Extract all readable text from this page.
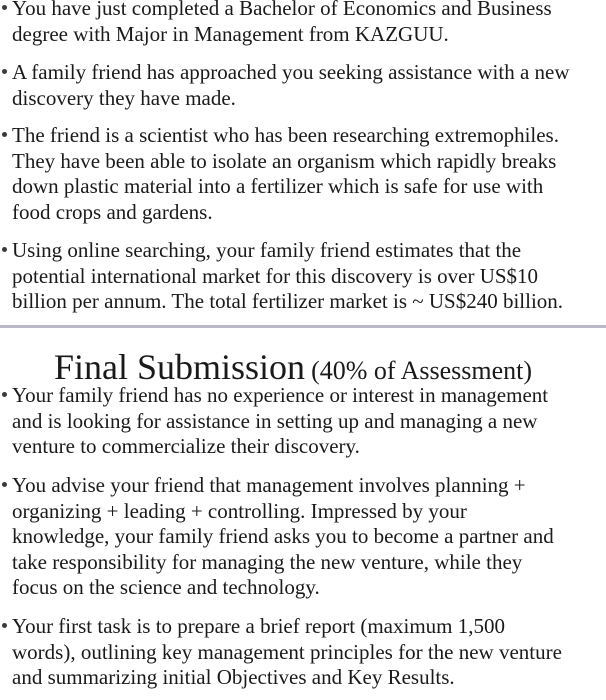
You have just completed a Bachelor of Economics and Business
degree with Major in Management from KAZGUU.
A family friend has approached you seeking assistance with a new
discovery they have made.
The friend is a scientist who has been researching extremophiles.
They have been able to isolate an organism which rapidly breaks
down plastic material into a fertilizer which is safe for use with
food crops and gardens.
Using online searching, your family friend estimates that the
potential international market for this discovery is over US$10
billion per annum. The total fertilizer market is ~ US$240 billion.
Final Submission (40% of Assessment)
Your family friend has no experience or interest in management
and is looking for assistance in setting up and managing a new
venture to commercialize their discovery.
You advise your friend that management involves planning +
organizing + leading + controlling. Impressed by your
knowledge, your family friend asks you to become a partner and
take responsibility for managing the new venture, while they
focus on the science and technology.
Your first task is to prepare a brief report (maximum 1,500
words), outlining key management principles for the new venture
and summarizing initial Objectives and Key Results.
